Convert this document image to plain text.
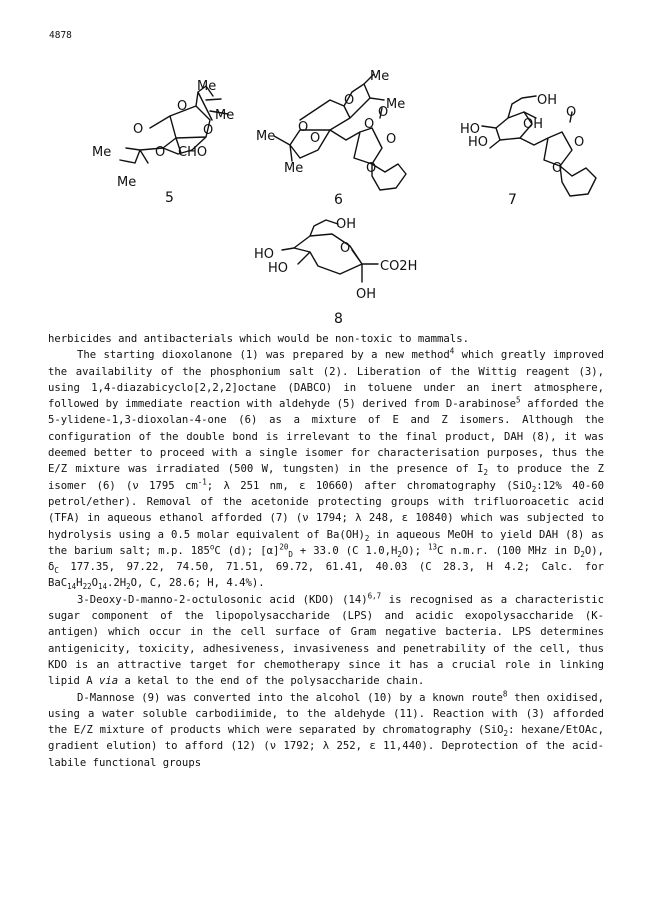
4878
Me
Me
Me
Me
O
O
O
O CHO
5
Me
Me
Me
Me
O
O
O
O
O
O
O
6
OH
HO
HO
OH
O
O
O
7
OH
HO
HO
O
CO2H
OH
8

herbicides and antibacterials which would be non-toxic to mammals.

The starting dioxolanone (1) was prepared by a new method$^4$ which greatly improved the availability of the phosphonium salt (2). Liberation of the Wittig reagent (3), using 1,4-diazabicyclo[2,2,2]octane (DABCO) in toluene under an inert atmosphere, followed by immediate reaction with aldehyde (5) derived from D-arabinose$^5$ afforded the 5-ylidene-1,3-dioxolan-4-one (6) as a mixture of E and Z isomers. Although the configuration of the double bond is irrelevant to the final product, DAH (8), it was deemed better to proceed with a single isomer for characterisation purposes, thus the E/Z mixture was irradiated (500 W, tungsten) in the presence of $I_2$ to produce the Z isomer (6) (ν 1795 $cm^{-1}$; λ 251 nm, ε 10660) after chromatography (SiO$_2$:12% 40-60 petrol/ether). Removal of the acetonide protecting groups with trifluoroacetic acid (TFA) in aqueous ethanol afforded (7) (ν 1794; λ 248, ε 10840) which was subjected to hydrolysis using a 0.5 molar equivalent of $Ba(OH)_2$ in aqueous MeOH to yield DAH (8) as the barium salt; m.p. 185$^o$C (d); $[\alpha]^{20}_D + 33.0$ (C $1.0,H_2O$); $^{13}$C n.m.r. (100 MHz in $D_2O$), $\delta_C$ 177.35, 97.22, 74.50, 71.51, 69.72, 61.41, 40.03 (C 28.3, H 4.2; Calc. for $BaC_{14}H_{22}O_{14}.2H_2O$, C, 28.6; H, 4.4%).

3-Deoxy-D-manno-2-octulosonic acid (KDO) $(14)^{6,7}$ is recognised as a characteristic sugar component of the lipopolysaccharide (LPS) and acidic exopolysaccharide (K-antigen) which occur in the cell surface of Gram negative bacteria. LPS determines antigenicity, toxicity, adhesiveness, invasiveness and penetrability of the cell, thus KDO is an attractive target for chemotherapy since it has a crucial role in linking lipid A via a ketal to the end of the polysaccharide chain.

D-Mannose (9) was converted into the alcohol (10) by a known route$^8$ then oxidised, using a water soluble carbodiimide, to the aldehyde (11). Reaction with (3) afforded the E/Z mixture of products which were separated by chromatography (SiO$_2$: hexane/EtOAc, gradient elution) to afford (12) (ν 1792; λ 252, ε 11,440). Deprotection of the acid-labile functional groups
